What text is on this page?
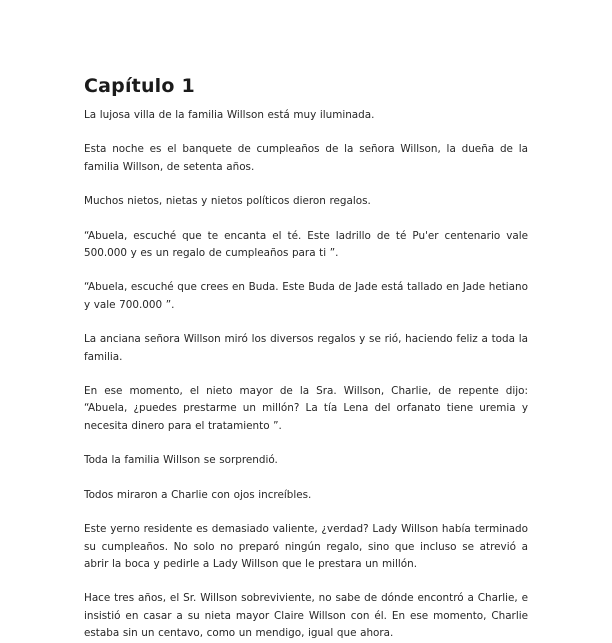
Capítulo 1

La lujosa villa de la familia Willson está muy iluminada.

Esta noche es el banquete de cumpleaños de la señora Willson, la dueña de la familia Willson, de setenta años.

Muchos nietos, nietas y nietos políticos dieron regalos.

“Abuela, escuché que te encanta el té. Este ladrillo de té Pu'er centenario vale 500.000 y es un regalo de cumpleaños para ti ”.

“Abuela, escuché que crees en Buda. Este Buda de Jade está tallado en Jade hetiano y vale 700.000 ”.

La anciana señora Willson miró los diversos regalos y se rió, haciendo feliz a toda la familia.

En ese momento, el nieto mayor de la Sra. Willson, Charlie, de repente dijo: “Abuela, ¿puedes prestarme un millón? La tía Lena del orfanato tiene uremia y necesita dinero para el tratamiento ”.

Toda la familia Willson se sorprendió.

Todos miraron a Charlie con ojos increíbles.

Este yerno residente es demasiado valiente, ¿verdad? Lady Willson había terminado su cumpleaños. No solo no preparó ningún regalo, sino que incluso se atrevió a abrir la boca y pedirle a Lady Willson que le prestara un millón.

Hace tres años, el Sr. Willson sobreviviente, no sabe de dónde encontró a Charlie, e insistió en casar a su nieta mayor Claire Willson con él. En ese momento, Charlie estaba sin un centavo, como un mendigo, igual que ahora.
